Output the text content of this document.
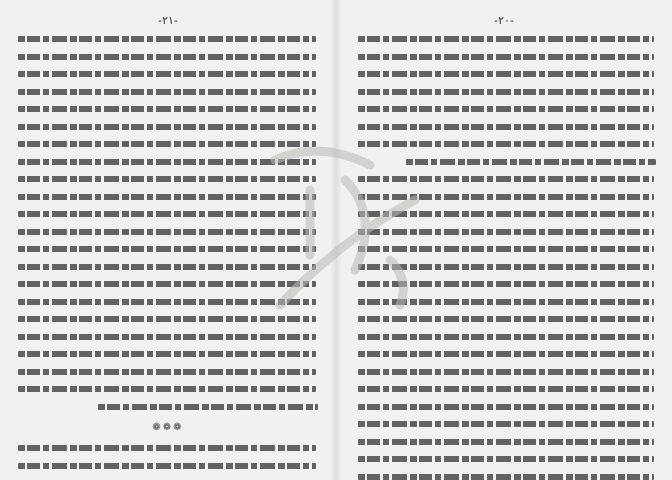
-۲۱-
❁❁❁
-۲۰-
